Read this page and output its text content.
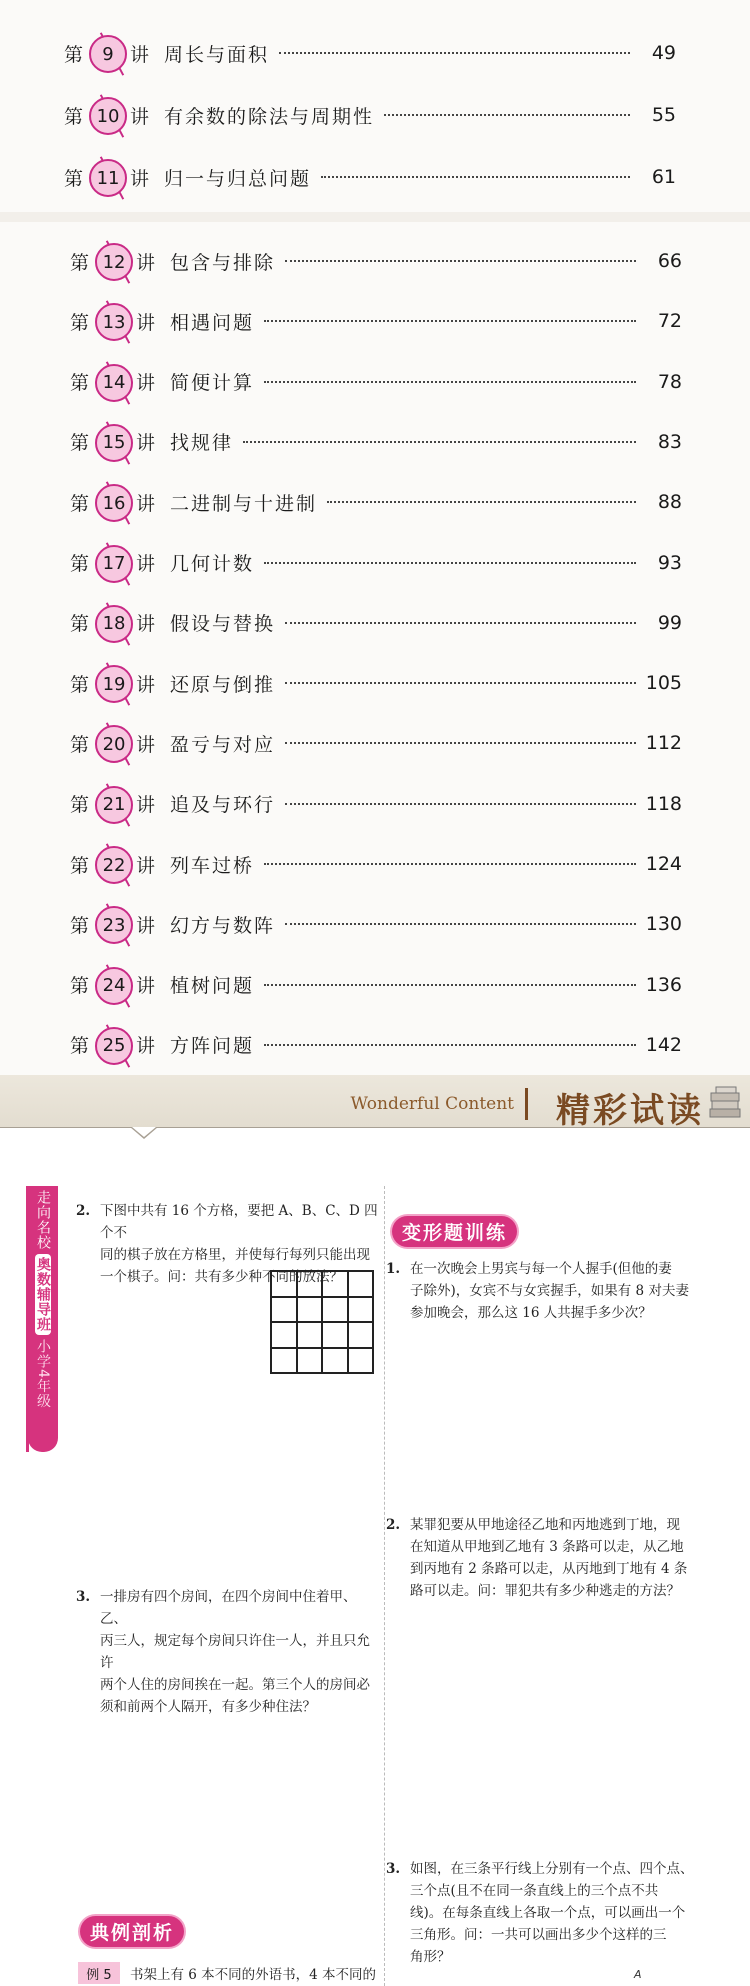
第	9 讲 周长与面积	49
第 10 讲 有余数的除法与周期性	55
第 11 讲 归一与归总问题	61
第 12 讲 包含与排除	66
第 13 讲 相遇问题	72
第 14 讲 简便计算	78
第 15 讲 找规律	83
第 16 讲 二进制与十进制	88
第 17 讲 几何计数	93
第 18 讲 假设与替换	99
第 19 讲 还原与倒推	105
第 20 讲 盈亏与对应	112
第 21 讲 追及与环行	118
第 22 讲 列车过桥	124
第 23 讲 幻方与数阵	130
第 24 讲 植树问题	136
第 25 讲 方阵问题	142
Wonderful Content 精彩试读
走向名校
奥数辅导班
小学4年级
2. 下图中共有 16 个方格，要把 A、B、C、D 四个不
同的棋子放在方格里，并使每行每列只能出现
一个棋子。问：共有多少种不同的放法？
3. 一排房有四个房间，在四个房间中住着甲、乙、
丙三人，规定每个房间只许住一人，并且只允许
两个人住的房间挨在一起。第三个人的房间必
须和前两个人隔开，有多少种住法？
典例剖析
例 5	书架上有 6 本不同的外语书，4 本不同的
变形题训练
1. 在一次晚会上男宾与每一个人握手(但他的妻
子除外)，女宾不与女宾握手，如果有 8 对夫妻
参加晚会，那么这 16 人共握手多少次？
2. 某罪犯要从甲地途径乙地和丙地逃到丁地，现
在知道从甲地到乙地有 3 条路可以走，从乙地
到丙地有 2 条路可以走，从丙地到丁地有 4 条
路可以走。问：罪犯共有多少种逃走的方法？
3. 如图，在三条平行线上分别有一个点、四个点、
三个点(且不在同一条直线上的三个点不共
线)。在每条直线上各取一个点，可以画出一个
三角形。问：一共可以画出多少个这样的三
角形？
A
